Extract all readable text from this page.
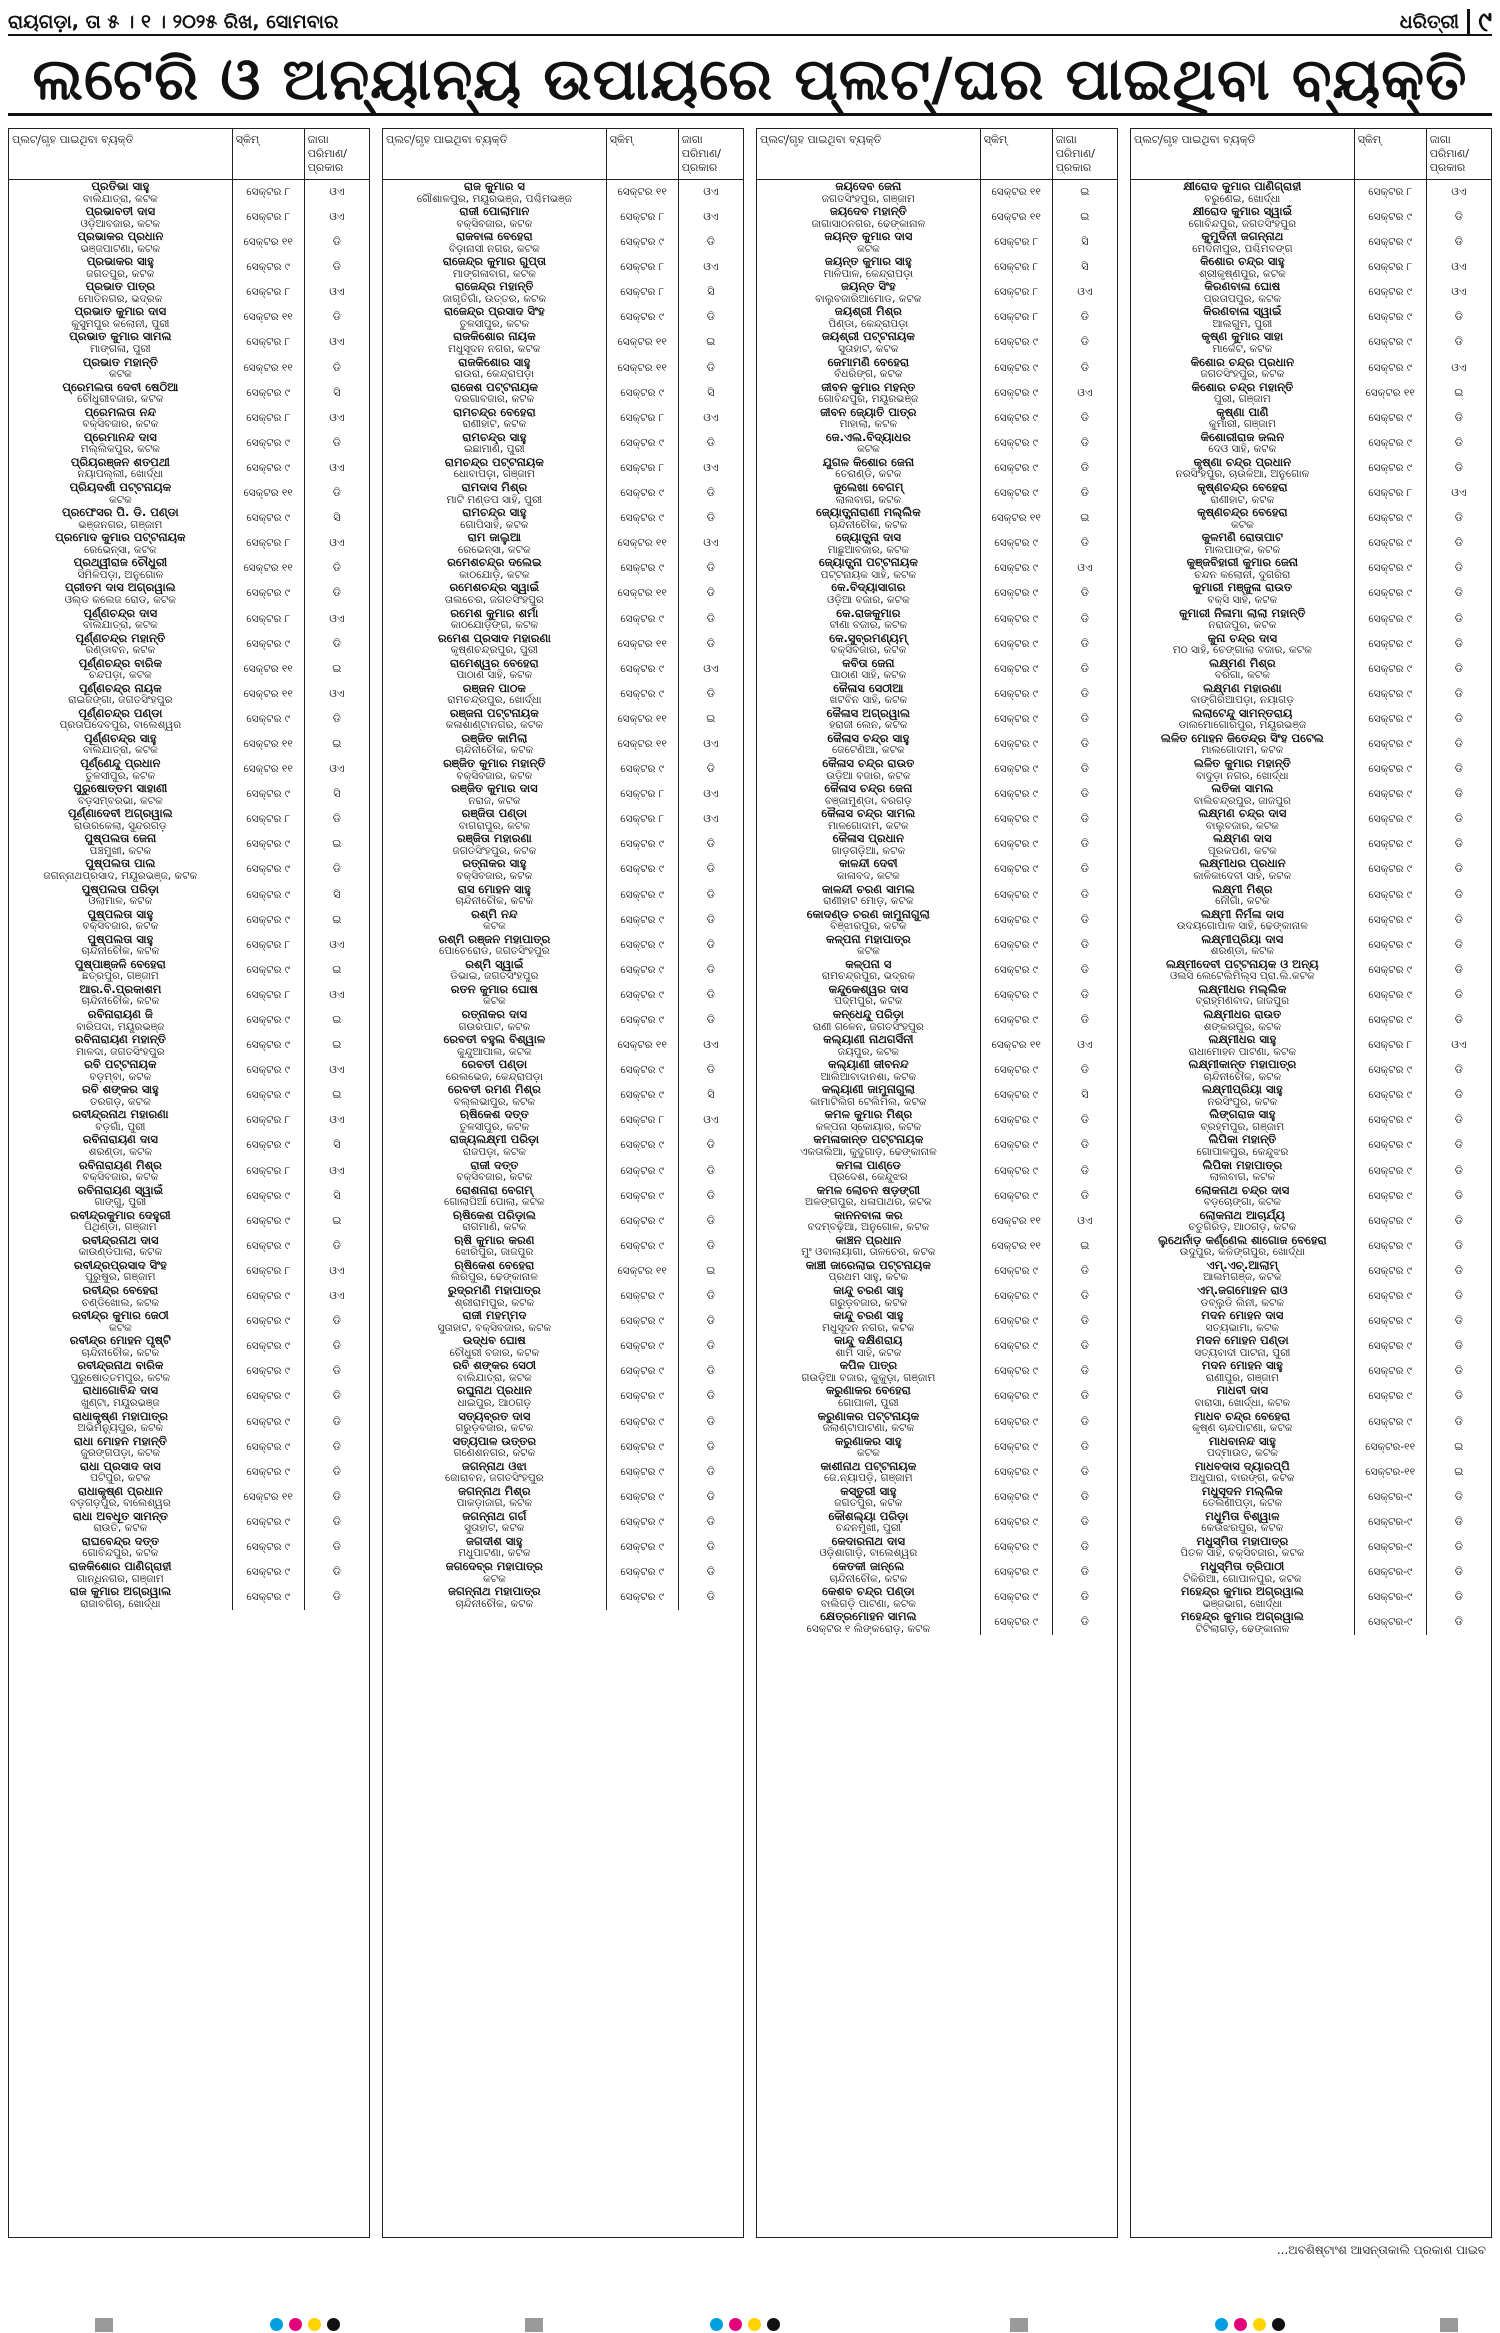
ରାୟଗଡ଼ା, ତା ୫ । ୧ । ୨୦୨୫ ରିଖ, ସୋମବାର	ଧରିତ୍ରୀ ୯
ଲଟେରି ଓ ଅନ୍ୟାନ୍ୟ ଉପାୟରେ ପ୍ଲଟ୍/ଘର ପାଇଥିବା ବ୍ୟକ୍ତି
ପ୍ଲଟ୍/ଗୃହ ପାଇଥିବା ବ୍ୟକ୍ତି	ସ୍କିମ୍	ଜାଗା ପରିମାଣ/ ପ୍ରକାର

ପ୍ରତିଭା ସାହୁ
ବାଲିଯାତ୍ରା, କଟକ	ସେକ୍ଟର ୮	ଓଏ

ପ୍ରଭାବତୀ ଦାସ
ଓଡ଼ିଆବଜାର, କଟକ	ସେକ୍ଟର ୮	ଓଏ

ପ୍ରଭାକର ପ୍ରଧାନ
ଭଞ୍ଜପାଟଣା, କଟକ	ସେକ୍ଟର ୧୧	ଡି

ପ୍ରଭାକର ସାହୁ
ଜଗତପୁର, କଟକ	ସେକ୍ଟର ୯	ଡି

ପ୍ରଭାତ ପାତ୍ର
ମୋତିନଗର, ଭଦ୍ରକ	ସେକ୍ଟର ୮	ଓଏ

ପ୍ରଭାତ କୁମାର ଦାସ
କୁସୁମପୁର କଲୋନୀ, ପୁରୀ	ସେକ୍ଟର ୧୧	ଡି

ପ୍ରଭାତ କୁମାର ସାମଲ
ମାଙ୍ଗଳା, ପୁରୀ	ସେକ୍ଟର ୮	ଓଏ

ପ୍ରଭାତ ମହାନ୍ତି
କଟକ	ସେକ୍ଟର ୧୧	ଡି

ପ୍ରେମଲତା ଦେବୀ ଷେଠିଆ
ଚୌଧୁରୀବଜାର, କଟକ	ସେକ୍ଟର ୯	ସି

ପ୍ରେମଲତା ନନ୍ଦ
ବକ୍ସିବଜାର, କଟକ	ସେକ୍ଟର ୮	ଓଏ

ପ୍ରେମାନନ୍ଦ ଦାସ
ମଲ୍ଲିକପୁର, କଟକ	ସେକ୍ଟର ୯	ଡି

ପ୍ରିୟରଞ୍ଜନ ଶତପଥୀ
ନୟାପଲ୍ଲୀ, ଖୋର୍ଦ୍ଧା	ସେକ୍ଟର ୯	ଓଏ

ପ୍ରିୟଦର୍ଶୀ ପଟ୍ଟନାୟକ
କଟକ	ସେକ୍ଟର ୧୧	ଡି

ପ୍ରଫେସର ପି. ଡି. ପଣ୍ଡା
ଭଞ୍ଜନଗର, ଗଞ୍ଜାମ	ସେକ୍ଟର ୯	ସି

ପ୍ରମୋଦ କୁମାର ପଟ୍ଟନାୟକ
ରେଭେନ୍ସା, କଟକ	ସେକ୍ଟର ୮	ଓଏ

ପ୍ରଥ୍ୱୀରାଜ ଚୌଧୁରୀ
ସିମିଳିପଡ଼ା, ଅନୁଗୋଳ	ସେକ୍ଟର ୧୧	ଡି

ପ୍ରୀତମ ଦାସ ଅଗ୍ରୱାଲ
ଓଲ୍ଡ କଲେଜ ରୋଡ, କଟକ	ସେକ୍ଟର ୯	ଡି

ପୂର୍ଣ୍ଣଚନ୍ଦ୍ର ଦାସ
ବାଲିଯାତ୍ରା, କଟକ	ସେକ୍ଟର ୮	ଓଏ

ପୂର୍ଣ୍ଣଚନ୍ଦ୍ର ମହାନ୍ତି
ରଣ୍ଡାବନ, କଟକ	ସେକ୍ଟର ୯	ଡି

ପୂର୍ଣ୍ଣଚନ୍ଦ୍ର ବାରିକ
ଚନ୍ଦପଡ଼ା, କଟକ	ସେକ୍ଟର ୧୧	ଇ

ପୂର୍ଣ୍ଣଚନ୍ଦ୍ର ନାୟକ
ରାଇଜଙ୍ଗା, ଜଗତସିଂହପୁର	ସେକ୍ଟର ୧୧	ଓଏ

ପୂର୍ଣ୍ଣଚନ୍ଦ୍ର ପଣ୍ଡା
ପ୍ରତାପଦେବପୁର, ବାଲେଶ୍ୱର	ସେକ୍ଟର ୯	ଡି

ପୂର୍ଣ୍ଣଚନ୍ଦ୍ର ସାହୁ
ବାଲିଯାତ୍ରା, କଟକ	ସେକ୍ଟର ୧୧	ଇ

ପୂର୍ଣ୍ଣେନ୍ଦୁ ପ୍ରଧାନ
ତୁଳସୀପୁର, କଟକ	ସେକ୍ଟର ୧୧	ଓଏ

ପୁରୁଷୋତ୍ତମ ସାହାଣୀ
ବଡ଼ସମ୍ବରଭା, କଟକ	ସେକ୍ଟର ୯	ସି

ପୂର୍ଣ୍ଣାଦେବୀ ଅଗ୍ରୱାଲ
ରାଉରକେଲା, ସୁନ୍ଦରଗଡ଼	ସେକ୍ଟର ୮	ଡି

ପୁଷ୍ପଲତା ଜେନା
ପଞ୍ଚମୁଖୀ, କଟକ	ସେକ୍ଟର ୯	ଇ

ପୁଷ୍ପଲତା ପାଲ
ଜଗନ୍ନାଥପ୍ରସାଦ, ମୟୂରଭଞ୍ଜ, କଟକ	ସେକ୍ଟର ୯	ଡି

ପୁଷ୍ପଲତା ପରିଡ଼ା
ଓଲାମାଳ, କଟକ	ସେକ୍ଟର ୯	ସି

ପୁଷ୍ପଲତା ସାହୁ
ବକ୍ସିବଜାର, କଟକ	ସେକ୍ଟର ୯	ଇ

ପୁଷ୍ପଲତା ସାହୁ
ଚାନ୍ଦିନୀଚୌକ, କଟକ	ସେକ୍ଟର ୮	ଓଏ

ପୁଷ୍ପାଞ୍ଜଳି ବେହେରା
ଛତ୍ରପୁର, ଗଞ୍ଜାମ	ସେକ୍ଟର ୯	ଇ

ଆର.ବି.ପ୍ରକାଶମ
ଚାନ୍ଦିନୀଚୌକ, କଟକ	ସେକ୍ଟର ୮	ଓଏ

ରବିନାରାୟଣ ଜି
ବାରିପଦା, ମୟୂରଭଞ୍ଜ	ସେକ୍ଟର ୯	ଇ

ରବିନାରାୟଣ ମହାନ୍ତି
ମାଳଦା, ଜଗତସିଂହପୁର	ସେକ୍ଟର ୯	ଇ

ରବି ପଟ୍ଟନାୟକ
ବଡ଼ମ୍ବା, କଟକ	ସେକ୍ଟର ୯	ଓଏ

ରବି ଶଙ୍କର ସାହୁ
ତରଗଡ଼, କଟକ	ସେକ୍ଟର ୯	ଇ

ରବୀନ୍ଦ୍ରନାଥ ମହାରଣା
ବଡ଼ଗାଁ, ପୁରୀ	ସେକ୍ଟର ୮	ଓଏ

ରବିନାରାୟଣ ଦାସ
ଶରଣ୍ଡା, କଟକ	ସେକ୍ଟର ୯	ସି

ରବିନାରାୟଣ ମିଶ୍ର
ବକ୍ସିବଜାର, କଟକ	ସେକ୍ଟର ୮	ଓଏ

ରବିନାରାୟଣ ସ୍ୱାଇଁ
ଗାଙ୍ଗୁ, ପୁରୀ	ସେକ୍ଟର ୯	ସି

ରବୀନ୍ଦ୍ରକୁମାର ଦେହୁରୀ
ପିଥିଣ୍ଡା, ଗଞ୍ଜାମ	ସେକ୍ଟର ୯	ଇ

ରବୀନ୍ଦ୍ରନାଥ ଦାସ
କାଉଣ୍ଡପାଲା, କଟକ	ସେକ୍ଟର ୯	ଡି

ରବୀନ୍ଦ୍ରପ୍ରସାଦ ସିଂହ
ପୁରୁଷୁର, ଗଞ୍ଜାମ	ସେକ୍ଟର ୮	ଓଏ

ରବୀନ୍ଦ୍ର ବେହେରା
ଚଣ୍ଡିଖୋଲ, କଟକ	ସେକ୍ଟର ୯	ଓଏ

ରବୀନ୍ଦ୍ର କୁମାର ଜେଠୀ
କଟକ	ସେକ୍ଟର ୯	ଡି

ରବୀନ୍ଦ୍ର ମୋହନ ପୃଷ୍ଟି
ଚାନ୍ଦିନୀଚୌକ, କଟକ	ସେକ୍ଟର ୯	ଡି

ରବୀନ୍ଦ୍ରନାଥ ବାରିକ
ପୁରୁଷୋତ୍ତମପୁର, କଟକ	ସେକ୍ଟର ୯	ଡି

ରାଧାଗୋବିନ୍ଦ ଦାସ
ଖୁଣ୍ଟା, ମୟୂରଭଞ୍ଜ	ସେକ୍ଟର ୯	ଡି

ରାଧାକୃଷ୍ଣ ମହାପାତ୍ର
ଅଭିମନ୍ୟୁପୁର, କଟକ	ସେକ୍ଟର ୯	ଡି

ରାଧା ମୋହନ ମହାନ୍ତି
ଜୁରଙ୍ଗପଡ଼ା, କଟକ	ସେକ୍ଟର ୯	ଡି

ରାଧା ପ୍ରସାଦ ଦାସ
ପଟିପୁର, କଟକ	ସେକ୍ଟର ୯	ଡି

ରାଧାକୃଷ୍ଣ ପ୍ରଧାନ
ବଡ଼ଗଡ଼ପୁର, ବାଲେଶ୍ୱର	ସେକ୍ଟର ୧୧	ଡି

ରାଧା ଅବଧୂତ ସାମନ୍ତ
ରାଉତି, କଟକ	ସେକ୍ଟର ୯	ଡି

ରାଘବେନ୍ଦ୍ର ଦତ୍ତ
ଗୋବିନ୍ଦପୁର, କଟକ	ସେକ୍ଟର ୯	ଡି

ରାଜକିଶୋର ପାଣିଗ୍ରାହୀ
ଗାନ୍ଧିନଗର, ଗଞ୍ଜାମ	ସେକ୍ଟର ୯	ଡି

ରାଜ କୁମାର ଅଗ୍ରୱାଲ
ରାଜାବଗିଚା, ଖୋର୍ଦ୍ଧା	ସେକ୍ଟର ୯	ଡି
ପ୍ଲଟ୍/ଗୃହ ପାଇଥିବା ବ୍ୟକ୍ତି	ସ୍କିମ୍	ଜାଗା ପରିମାଣ/ ପ୍ରକାର

ରାଜ କୁମାର ସ
ଗୌଶାଳପୁର, ମୟୂରଭଞ୍ଜ, ପଶ୍ଚିମଭଞ୍ଜ	ସେକ୍ଟର ୧୧	ଓଏ

ରାଜୀ ପୋଲାମାନ
ବକ୍ସିବଜାର, କଟକ	ସେକ୍ଟର ୮	ଓଏ

ରାଜବାଳା ବେହେରା
ବିଡ଼ାନାସୀ ନଗର, କଟକ	ସେକ୍ଟର ୯	ଡି

ରାଜେନ୍ଦ୍ର କୁମାର ଗୁପ୍ତା
ମାଙ୍ଗଳାବାଗ, କଟକ	ସେକ୍ଟର ୮	ଓଏ

ରାଜେନ୍ଦ୍ର ମହାନ୍ତି
ଜାଗୃତିଗାଁ, ଉତ୍ତର, କଟକ	ସେକ୍ଟର ୮	ସି

ରାଜେନ୍ଦ୍ର ପ୍ରସାଦ ସିଂହ
ତୁଳସୀପୁର, କଟକ	ସେକ୍ଟର ୯	ଡି

ରାଜକିଶୋର ନାୟକ
ମଧୁସୂଦନ ନଗର, କଟକ	ସେକ୍ଟର ୧୧	ଇ

ରାଜକିଶୋର ସାହୁ
ରାଉରା, କେନ୍ଦ୍ରାପଡ଼ା	ସେକ୍ଟର ୧୧	ଡି

ରାଜେଶ ପଟ୍ଟନାୟକ
ଦରଗାବଜାର, କଟକ	ସେକ୍ଟର ୯	ସି

ରାମଚନ୍ଦ୍ର ବେହେରା
ରାଣୀହାଟ, କଟକ	ସେକ୍ଟର ୮	ଓଏ

ରାମଚନ୍ଦ୍ର ସାହୁ
ଇଛାମାଣି, ପୁରୀ	ସେକ୍ଟର ୯	ଡି

ରାମଚନ୍ଦ୍ର ପଟ୍ଟନାୟକ
ଧୋବାପଡ଼ା, ଗଞ୍ଜାମ	ସେକ୍ଟର ୮	ଓଏ

ରାମଦାସ ମିଶ୍ର
ମାଟି ମଣ୍ଡପ ସାହି, ପୁରୀ	ସେକ୍ଟର ୯	ଡି

ରାମଚନ୍ଦ୍ର ସାହୁ
ଗୋପିସାହି, କଟକ	ସେକ୍ଟର ୯	ଡି

ରାମ ଜାଲୁଆ
ରେଭେନ୍ସା, କଟକ	ସେକ୍ଟର ୧୧	ଓଏ

ରମେଶଚନ୍ଦ୍ର ଦଲେଇ
କାଠଯୋଡ଼ି, କଟକ	ସେକ୍ଟର ୯	ଡି

ରମେଶଚନ୍ଦ୍ର ସ୍ୱାଇଁ
ତାଲଚେର, ଜଗତସିଂହପୁର	ସେକ୍ଟର ୧୧	ଡି

ରମେଶ କୁମାର ଶର୍ମା
କାଠଯୋଡ଼ିଙ୍ଗ, କଟକ	ସେକ୍ଟର ୯	ଡି

ରମେଶ ପ୍ରସାଦ ମହାରଣା
କୃଷ୍ଣଚନ୍ଦ୍ରପୁର, ପୁରୀ	ସେକ୍ଟର ୧୧	ଡି

ରାମେଶ୍ୱର ବେହେରା
ପାଠାଣ ସାହି, କଟକ	ସେକ୍ଟର ୯	ଓଏ

ରଞ୍ଜନ ପାଠକ
ରାମଚନ୍ଦ୍ରପୁର, ଖୋର୍ଦ୍ଧା	ସେକ୍ଟର ୯	ଡି

ରଞ୍ଜନା ପଟ୍ଟନାୟକ
କଳାଶାଣ୍ଟାନଗର, କଟକ	ସେକ୍ଟର ୧୧	ଇ

ରଞ୍ଜିତ କାମିଲା
ଚାନ୍ଦିନୀଚୌକ, କଟକ	ସେକ୍ଟର ୧୧	ଓଏ

ରଞ୍ଜିତ କୁମାର ମହାନ୍ତି
ବକ୍ସିବଜାର, କଟକ	ସେକ୍ଟର ୯	ଡି

ରଞ୍ଜିତ କୁମାର ଦାସ
ନରାଜ, କଟକ	ସେକ୍ଟର ୮	ଓଏ

ରଞ୍ଜିତା ପଣ୍ଡା
ବାଗରାପୁର, କଟକ	ସେକ୍ଟର ୮	ଓଏ

ରଞ୍ଜିତା ମହାରଣା
ଜଗତସିଂହପୁର, କଟକ	ସେକ୍ଟର ୯	ଡି

ରତ୍ନାକର ସାହୁ
ବକ୍ସିବଜାର, କଟକ	ସେକ୍ଟର ୯	ଡି

ରାସ ମୋହନ ସାହୁ
ଚାନ୍ଦିନୀଚୌକ, କଟକ	ସେକ୍ଟର ୯	ଡି

ରଶ୍ମି ନନ୍ଦ
କଟକ	ସେକ୍ଟର ୯	ଡି

ରଶ୍ମି ରଞ୍ଜନ ମହାପାତ୍ର
ପୋଚେରୋଡ, ଜଗତସିଂହପୁର	ସେକ୍ଟର ୯	ଡି

ରଶ୍ମି ସ୍ୱାଇଁ
ଡିଭାଇ, ଜଗତସିଂହପୁର	ସେକ୍ଟର ୯	ଡି

ରତନ କୁମାର ଘୋଷ
କଟକ	ସେକ୍ଟର ୯	ଡି

ରତ୍ନାକର ଦାସ
ଗଉରପାଟ, କଟକ	ସେକ୍ଟର ୯	ଡି

ରେବତୀ ବହୁଲ ବିଶ୍ୱାଳ
କୁନ୍ଦୁଆପାଲ, କଟକ	ସେକ୍ଟର ୧୧	ଓଏ

ରେବତୀ ପଣ୍ଡା
ରେଲଭେଜ, କେନ୍ଦ୍ରାପଡ଼ା	ସେକ୍ଟର ୯	ଡି

ରେବତୀ ରମଣ ମିଶ୍ର
ବଲ୍ଲଭାପୁର, କଟକ	ସେକ୍ଟର ୯	ସି

ଋଷିକେଶ ଦତ୍ତ
ତୁଳସୀପୁର, କଟକ	ସେକ୍ଟର ୮	ଓଏ

ରାଜ୍ୟଲକ୍ଷ୍ମୀ ପରିଡ଼ା
ରାଜପଡ଼ା, କଟକ	ସେକ୍ଟର ୯	ଡି

ରାଜୀ ଦତ୍ତ
ବକ୍ସିବଜାର, କଟକ	ସେକ୍ଟର ୯	ଡି

ରୋଶନାରା ବେଗମ୍
ଗୋଲାପିଆଁ ପୋଲା, କଟକ	ସେକ୍ଟର ୯	ଡି

ଋଷିକେଶ ପରିଡ଼ାଲ
ରାଗମାଣି, କଟକ	ସେକ୍ଟର ୯	ଡି

ଋଷି କୁମାର କରଣ
ଝୋରିପୁର, ଜାଜପୁର	ସେକ୍ଟର ୯	ଡି

ଋଷିକେଶ ବେହେରା
ଲିରିପୁର, ଢେଙ୍କାନାଳ	ସେକ୍ଟର ୧୧	ଇ

ରୁଦ୍ରମଣି ମହାପାତ୍ର
ଶ୍ରୀରାମପୁର, କଟକ	ସେକ୍ଟର ୯	ଡି

ରାଜୀ ମହମ୍ମଦ
ସୁତାହାଟ, ବକ୍ସିବଜାର, କଟକ	ସେକ୍ଟର ୯	ଡି

ଉଦ୍ଧବ ଘୋଷ
ଚୌଧୁରୀ ବଜାର, କଟକ	ସେକ୍ଟର ୯	ଡି

ରବି ଶଙ୍କର ସେଠୀ
ବାଲିଯାତ୍ରା, କଟକ	ସେକ୍ଟର ୯	ଡି

ରଘୁନାଥ ପ୍ରଧାନ
ଧାଇପୁର, ଆଠଗଡ଼	ସେକ୍ଟର ୯	ଡି

ସତ୍ୟବ୍ରତ ଦାସ
ଗରୁଡ଼ବଜାର, କଟକ	ସେକ୍ଟର ୯	ଡି

ସତ୍ୟପାଳ ଉତ୍ତର
ଗଣେଶନଗର, କଟକ	ସେକ୍ଟର ୯	ଡି

ଜଗନ୍ନାଥ ଓଝା
ଜୋରାବନ, ଜଗତସିଂହପୁର	ସେକ୍ଟର ୯	ଡି

ଜଗନ୍ନାଥ ମିଶ୍ର
ପାକଡ଼ାଜାଗ, କଟକ	ସେକ୍ଟର ୯	ଡି

ଜଗନ୍ନାଥ ଗର୍ଗ
ସୁତାହାଟ, କଟକ	ସେକ୍ଟର ୯	ଡି

ଜଗଦୀଶ ସାହୁ
ମଧୁପାଟଣା, କଟକ	ସେକ୍ଟର ୯	ଡି

ଜଗଦେବ୍ର ମହାପାତ୍ର
କଟକ	ସେକ୍ଟର ୯	ଡି

ଜଗନ୍ନାଥ ମହାପାତ୍ର
ଚାନ୍ଦିନୀଚୌକ, କଟକ	ସେକ୍ଟର ୯	ଡି
ପ୍ଲଟ୍/ଗୃହ ପାଇଥିବା ବ୍ୟକ୍ତି	ସ୍କିମ୍	ଜାଗା ପରିମାଣ/ ପ୍ରକାର

ଜୟଦେବ ଜେନା
ଜଗତସିଂହପୁର, ଗଞ୍ଜାମ	ସେକ୍ଟର ୧୧	ଇ

ଜୟଦେବ ମହାନ୍ତି
ଜାଗାସାଠନଗର, ଢେଙ୍କାନାଳ	ସେକ୍ଟର ୧୧	ଇ

ଜୟନ୍ତ କୁମାର ଦାସ
କଟକ	ସେକ୍ଟର ୮	ସି

ଜୟନ୍ତ କୁମାର ସାହୁ
ମାଳିପାଳ, କେନ୍ଦ୍ରାପଡ଼ା	ସେକ୍ଟର ୮	ସି

ଜୟନ୍ତ ସିଂହ
ବାଲୁବଜାରିଆମୋଡ, କଟକ	ସେକ୍ଟର ୮	ଓଏ

ଜୟଶ୍ରୀ ମିଶ୍ର
ପିଣ୍ଡା, କେନ୍ଦ୍ରାପଡ଼ା	ସେକ୍ଟର ୮	ଡି

ଜୟଶ୍ରୀ ପଟ୍ଟନାୟକ
ସୁତାହାଟ, କଟକ	ସେକ୍ଟର ୯	ଡି

ଜେମାମଣି ବେହେରା
ବଁଧରିଙ୍ଗ, କଟକ	ସେକ୍ଟର ୯	ଡି

ଜୀବନ କୁମାର ମହନ୍ତ
ଗୋବିନ୍ଦପୁର, ମୟୂରଭଞ୍ଜ	ସେକ୍ଟର ୯	ଓଏ

ଜୀବନ ଜ୍ୟୋତି ପାତ୍ର
ମାହାଲା, କଟକ	ସେକ୍ଟର ୯	ଡି

ଜେ.ଏଲ.ବିଦ୍ୟାଧର
କଟକ	ସେକ୍ଟର ୯	ଡି

ଯୁଗଳ କିଶୋର ଜେନା
ତେରାଣ୍ଡି, କଟକ	ସେକ୍ଟର ୯	ଡି

ଜୁଲେଖା ବେଗମ୍
ଲାଲବାଗ, କଟକ	ସେକ୍ଟର ୯	ଡି

ଜ୍ୟୋତ୍ସ୍ନାରାଣୀ ମଲ୍ଲିକ
ଚାନ୍ଦିନୀଚୌକ, କଟକ	ସେକ୍ଟର ୧୧	ଇ

ଜ୍ୟୋତ୍ସ୍ନା ଦାସ
ମାଛୁଆବଜାର, କଟକ	ସେକ୍ଟର ୯	ଡି

ଜ୍ୟୋତ୍ସ୍ନା ପଟ୍ଟନାୟକ
ପଟ୍ଟନାୟକ ସାହି, କଟକ	ସେକ୍ଟର ୯	ଓଏ

କେ.ବିଦ୍ୟାସାଗର
ଓଡ଼ିଆ ବଜାର, କଟକ	ସେକ୍ଟର ୯	ଡି

କେ.ରାଜକୁମାର
ବୀଣା ବଜାର, କଟକ	ସେକ୍ଟର ୯	ଡି

କେ.ସୁବ୍ରମଣ୍ୟମ୍
ବକ୍ସିବଜାର, କଟକ	ସେକ୍ଟର ୯	ଡି

କବିତା ଜେନା
ପାଠାଣ ସାହି, କଟକ	ସେକ୍ଟର ୯	ଡି

କୈଳାସ ସେଠୀଆ
ଖଟବିନ ସାହି, କଟକ	ସେକ୍ଟର ୯	ଡି

କୈଳାସ ଅଗ୍ରୱାଲ
ହରାଜୀ ଲେନ, କଟକ	ସେକ୍ଟର ୯	ଡି

କୈଳାସ ଚନ୍ଦ୍ର ସାହୁ
ଜେଟେଣିଆ, କଟକ	ସେକ୍ଟର ୯	ଡି

କୈଳାସ ଚନ୍ଦ୍ର ରାଉତ
ଉଡ଼ିଆ ବଜାର, କଟକ	ସେକ୍ଟର ୯	ଡି

କୈଳାସ ଚନ୍ଦ୍ର ଜେନା
ବଞ୍ଜାମୁଣ୍ଡା, ବରଗଡ଼	ସେକ୍ଟର ୯	ଡି

କୈଳାସ ଚନ୍ଦ୍ର ସାମଲ
ମାଳଗୋଦାମ, କଟକ	ସେକ୍ଟର ୯	ଡି

କୈଳାସ ପ୍ରଧାନ
ଗାଡ଼ଗଡ଼ିଆ, କଟକ	ସେକ୍ଟର ୯	ଡି

କାଳନ୍ଦୀ ଦେବୀ
କାଳାବଦ, କଟକ	ସେକ୍ଟର ୯	ଡି

କାଳନ୍ଦୀ ଚରଣ ସାମଲ
ରାଣୀହାଟ ମୋଡ଼, କଟକ	ସେକ୍ଟର ୯	ଡି

କୋଦଣ୍ଡ ଚରଣ ଜାମୁନାଗୁଲା
ବିଞ୍ଝାରପୁର, କଟକ	ସେକ୍ଟର ୯	ଡି

କଳ୍ପନା ମହାପାତ୍ର
କଟକ	ସେକ୍ଟର ୯	ଡି

କଳ୍ପନା ସ
ରାମଚନ୍ଦ୍ରପୁର, ଭଦ୍ରକ	ସେକ୍ଟର ୯	ଡି

କନ୍ଦୁକେଶ୍ୱର ଦାସ
ପଦ୍ମପୁର, କଟକ	ସେକ୍ଟର ୯	ଡି

କନ୍ଧେନ୍ଦୁ ପରିଡ଼ା
ରାଣୀ ଗଳେନ, ଜଗତସିଂହପୁର	ସେକ୍ଟର ୯	ଡି

କଲ୍ୟାଣୀ ନାଥଗର୍ସିନୀ
ଜୟପୁର, କଟକ	ସେକ୍ଟର ୧୧	ଓଏ

କଲ୍ୟାଣୀ ଜୀବନନ୍ଦ
ଆଲିଆବାଦାନଶା, କଟକ	ସେକ୍ଟର ୯	ଡି

କଲ୍ୟାଣୀ ଜାମୁନାଗୁଲା
କାମାଟିଲିଗ ଟେଲିମିଲ, କଟକ	ସେକ୍ଟର ୯	ସି

କମଳ କୁମାର ମିଶ୍ର
କଳ୍ପନା ସ୍କୋୟାର, କଟକ	ସେକ୍ଟର ୯	ଡି

କମଳାକାନ୍ତ ପଟ୍ଟନାୟକ
ଏକତାଲିଆ, କୁଦୁଗାଡ଼, ଢେଙ୍କାନାଳ	ସେକ୍ଟର ୯	ଡି

କମଳା ପାଣ୍ଡେ
ପ୍ରଦେଶ, କେନ୍ଦୁଝର	ସେକ୍ଟର ୯	ଡି

କମଳ ଲୋଚନ ଷଡ଼ଙ୍ଗୀ
ଅଳଙ୍ଗପୁର, ଧଳାପାଥର, କଟକ	ସେକ୍ଟର ୯	ଡି

କାନନବାଳା କର
ବଦମ୍ବଢ଼ିଆ, ଅନୁଗୋଳ, କଟକ	ସେକ୍ଟର ୧୧	ଓଏ

କାଞ୍ଚନ ପ୍ରଧାନ
ମୁଂ ଓବାଲାୟାଗା, ତାଳଚେର, କଟକ	ସେକ୍ଟର ୧୧	ଇ

କାଞ୍ଚୀ ଜାରେଲାଇ ପଟ୍ଟନାୟକ
ପ୍ରଥମ ସାହୁ, କଟକ	ସେକ୍ଟର ୯	ଡି

କାନ୍ଦୁ ଚରଣ ସାହୁ
ଗରୁଡ଼ବଜାର, କଟକ	ସେକ୍ଟର ୯	ଡି

କାନ୍ଦୁ ଚରଣ ସାହୁ
ମଧୁସୂଦନ ନଗର, କଟକ	ସେକ୍ଟର ୯	ଡି

କାନ୍ଦୁ ଦକ୍ଷିଣରାୟ
ଶାମିଁ ସାହି, କଟକ	ସେକ୍ଟର ୯	ଡି

କପିଳ ପାତ୍ର
ଗଉଡ଼ିଆ ବଜାର, କୁକୁଡ଼ା, ଗଞ୍ଜାମ	ସେକ୍ଟର ୯	ଡି

କରୁଣାକର ବେହେରା
ଗୋପାଳୀ, ପୁରୀ	ସେକ୍ଟର ୯	ଡି

କରୁଣାକର ପଟ୍ଟନାୟକ
ଜଲାଣ୍ଟାପାଟଣା, କଟକ	ସେକ୍ଟର ୯	ଡି

କରୁଣାକର ସାହୁ
କଟକ	ସେକ୍ଟର ୯	ଡି

କାଶୀନାଥ ପଟ୍ଟନାୟକ
ଜେ.ନ୍ୟାପଡ଼ି, ଗଞ୍ଜାମ	ସେକ୍ଟର ୯	ଡି

କସ୍ତୁରୀ ସାହୁ
ଜଗତପୁର, କଟକ	ସେକ୍ଟର ୯	ଡି

କୌଶଲ୍ୟା ପରିଡ଼ା
ଚନ୍ଦନମୁଖୀ, ପୁରୀ	ସେକ୍ଟର ୯	ଡି

କେଦାରନାଥ ଦାସ
ଓଡ଼ିଶାଗାଡ଼ି, ବାଲେଶ୍ୱର	ସେକ୍ଟର ୯	ଡି

କେତକୀ ଜାନ୍ଲେ
ଚାନ୍ଦିନୀଚୌକ, କଟକ	ସେକ୍ଟର ୯	ଡି

କେଶବ ଚନ୍ଦ୍ର ପଣ୍ଡା
ବାଲିଗଡ଼ି ପାଟଣା, କଟକ	ସେକ୍ଟର ୯	ଡି

କ୍ଷେତ୍ରମୋହନ ସାମଲ
ସେକ୍ଟର ୧ ଲିଙ୍କରୋଡ଼, କଟକ	ସେକ୍ଟର ୯	ଡି
ପ୍ଲଟ୍/ଗୃହ ପାଇଥିବା ବ୍ୟକ୍ତି	ସ୍କିମ୍	ଜାଗା ପରିମାଣ/ ପ୍ରକାର

କ୍ଷୀରୋଦ କୁମାର ପାଣିଗ୍ରାହୀ
ବରୁଣେଇ, ଖୋର୍ଦ୍ଧା	ସେକ୍ଟର ୮	ଓଏ

କ୍ଷୀରୋଦ କୁମାର ସ୍ୱାଇଁ
ଗୋବିନ୍ଦପୁର, ଜଗତସିଂହପୁର	ସେକ୍ଟର ୯	ଡି

କୁମୁଦିନୀ ଜଗନ୍ନାଥ
ମେଦିନୀପୁର, ପଶ୍ଚିମବଙ୍ଗ	ସେକ୍ଟର ୯	ଡି

କିଶୋର ଚନ୍ଦ୍ର ସାହୁ
ଶ୍ରୀକୃଷ୍ଣପୁର, କଟକ	ସେକ୍ଟର ୮	ଓଏ

କିରଣବାଳା ଘୋଷ
ପ୍ରତାପପୁର, କଟକ	ସେକ୍ଟର ୯	ଓଏ

କିରଣବାଳା ସ୍ୱାଇଁ
ଆଲଗୁମ, ପୁରୀ	ସେକ୍ଟର ୯	ଡି

କୃଷ୍ଣ କୁମାର ସାହା
ମାର୍କେଟ, କଟକ	ସେକ୍ଟର ୯	ଡି

କିଶୋର ଚନ୍ଦ୍ର ପ୍ରଧାନ
ଜଗତସିଂହପୁର, କଟକ	ସେକ୍ଟର ୯	ଓଏ

କିଶୋର ଚନ୍ଦ୍ର ମହାନ୍ତି
ପୁରୀ, ଗଞ୍ଜାମ	ସେକ୍ଟର ୧୧	ଇ

କୃଷ୍ଣା ପାଣି
କୁମାରୀ, ଗଞ୍ଜାମ	ସେକ୍ଟର ୯	ଡି

କିଶୋରୀରାଜ ଜଲନ
ଦେଓ ସାହି, କଟକ	ସେକ୍ଟର ୯	ଡି

କୃଷ୍ଣା ଚନ୍ଦ୍ର ପ୍ରଧାନ
ନରସିଂହପୁର, ଚାଉଳିଆ, ଅନୁଗୋଳ	ସେକ୍ଟର ୯	ଡି

କୃଷ୍ଣଚନ୍ଦ୍ର ବେହେରା
ରାଣୀହାଟ, କଟକ	ସେକ୍ଟର ୮	ଓଏ

କୃଷ୍ଣଚନ୍ଦ୍ର ବେହେରା
କଟକ	ସେକ୍ଟର ୯	ଡି

କୁଳମଣି ରୋତାପାଟ
ମାଲପାଙ୍କ, କଟକ	ସେକ୍ଟର ୯	ଡି

କୁଞ୍ଜବିହାରୀ କୁମାର ଜେନା
ଚନ୍ଦନ କଲୋନୀ, ଦୁଗରିରା	ସେକ୍ଟର ୯	ଡି

କୁମାରୀ ମଞ୍ଜୁଳା ରାଉତ
ବକ୍ସି ସାହି, କଟକ	ସେକ୍ଟର ୯	ଡି

କୁମାରୀ ନିଳାମା ଲାଲା ମହାନ୍ତି
ନରାଜପୁର, କଟକ	ସେକ୍ଟର ୯	ଡି

କୁନା ଚନ୍ଦ୍ର ଦାସ
ମଠ ସାହି, ଚେଙ୍ଗାଲା ବଜାର, କଟକ	ସେକ୍ଟର ୯	ଡି

ଲକ୍ଷ୍ମଣ ମିଶ୍ର
ବରିଗା, କଟକ	ସେକ୍ଟର ୯	ଡି

ଲକ୍ଷ୍ମଣ ମହାରଣା
ବାଙ୍ଗିରିଆପଡ଼ା, ନୟାଗଡ଼	ସେକ୍ଟର ୯	ଡି

ଲଲାଟେନ୍ଦୁ ସାମନ୍ତରାୟ
ଡାଲମୋଗୋରପୁର, ମୟୂରଭଞ୍ଜ	ସେକ୍ଟର ୯	ଡି

ଲଳିତ ମୋହନ ଜିତେନ୍ଦ୍ର ସିଂହ ପଟେଲ
ମାଲଗୋଦାମ, କଟକ	ସେକ୍ଟର ୯	ଡି

ଲଳିତ କୁମାର ମହାନ୍ତି
ବାଦୁଡ଼ା ନଗର, ଖୋର୍ଦ୍ଧା	ସେକ୍ଟର ୯	ଡି

ଲତିକା ସାମଲ
ବାଲିଚନ୍ଦ୍ରପୁର, ଜାଜପୁର	ସେକ୍ଟର ୯	ଡି

ଲକ୍ଷ୍ମଣ ଚନ୍ଦ୍ର ଦାସ
ବାଲୁବଜାର, କଟକ	ସେକ୍ଟର ୯	ଡି

ଲକ୍ଷ୍ମଣ ଦାସ
ପୂରକପଣ, କଟକ	ସେକ୍ଟର ୯	ଡି

ଲକ୍ଷ୍ମୀଧର ପ୍ରଧାନ
କାଳିକାଦେବୀ ସାହି, କଟକ	ସେକ୍ଟର ୯	ଡି

ଲକ୍ଷ୍ମୀ ମିଶ୍ର
ନୌଗାଁ, କଟକ	ସେକ୍ଟର ୯	ଡି

ଲକ୍ଷ୍ମୀ ନିର୍ମଳା ଦାସ
ଉଦୟଗୋପାଳ ସାହି, ଢେଙ୍କାନାଳ	ସେକ୍ଟର ୯	ଡି

ଲକ୍ଷ୍ମୀପ୍ରିୟା ଦାସ
ଶରଣ୍ଡା, କଟକ	ସେକ୍ଟର ୯	ଡି

ଲକ୍ଷ୍ମୀଦେବୀ ପଟ୍ଟନାୟକ ଓ ଅନ୍ୟ
ଓଲସି ଲେଟେଲିମିଲ୍ସ ପ୍ରା.ଲି.କଟକ	ସେକ୍ଟର ୯	ଡି

ଲକ୍ଷ୍ମୀଧର ମଲ୍ଲିକ
ବ୍ରାହ୍ମଣବାଦ, ଜାଜପୁର	ସେକ୍ଟର ୯	ଡି

ଲକ୍ଷ୍ମୀଧର ରାଉତ
ଶଙ୍କରପୁର, କଟକ	ସେକ୍ଟର ୯	ଡି

ଲକ୍ଷ୍ମୀଧର ସାହୁ
ରାଧାମୋହନ ପାଟଣା, କଟକ	ସେକ୍ଟର ୮	ଓଏ

ଲକ୍ଷ୍ମୀକାନ୍ତ ମହାପାତ୍ର
ଚାନ୍ଦିନୀଚୌକ, କଟକ	ସେକ୍ଟର ୯	ଡି

ଲକ୍ଷ୍ମୀପ୍ରିୟା ସାହୁ
ନରସିଂପୁର, କଟକ	ସେକ୍ଟର ୯	ଡି

ଲିଙ୍ଗରାଜ ସାହୁ
ବ୍ରହ୍ମପୁର, ଗଞ୍ଜାମ	ସେକ୍ଟର ୯	ଡି

ଲିପିକା ମହାନ୍ତି
ଗୋପାଳପୁର, କେନ୍ଦୁଝର	ସେକ୍ଟର ୯	ଡି

ଲିପିକା ମହାପାତ୍ର
ଲାଲବାଗ, କଟକ	ସେକ୍ଟର ୯	ଡି

ଲୋକନାଥ ଚନ୍ଦ୍ର ଦାସ
ବଡ଼ଚୋଙ୍ଗା, କଟକ	ସେକ୍ଟର ୯	ଡି

ଲୋକନାଥ ଆଚାର୍ଯ୍ୟ
ଚତୁଗିରିଡ଼, ଆଠଗଡ଼, କଟକ	ସେକ୍ଟର ୯	ଡି

ଲୁଥେର୍ନାଡ଼ କର୍ଣ୍ଣେଲ ଶାଗୋଜ ବେହେରା
ଉଦୁପୁର, କଳିଙ୍ଗପୁର, ଖୋର୍ଦ୍ଧା	ସେକ୍ଟର ୯	ଡି

ଏମ୍.ଏଚ୍.ଆଲାମ୍
ଆଲମଗଞ୍ଜ, କଟକ	ସେକ୍ଟର ୯	ଡି

ଏମ୍.ଜଗମୋହନ ରାଓ
ଡବ୍ଲୁଡି ଲିନୀ, କଟକ	ସେକ୍ଟର ୯	ଡି

ମଦନ ମୋହନ ଦାସ
ସତ୍ୟଭାମା, କଟକ	ସେକ୍ଟର ୯	ଡି

ମଦନ ମୋହନ ପଣ୍ଡା
ସତ୍ୟବାଦୀ ପାଟନା, ପୁରୀ	ସେକ୍ଟର ୯	ଡି

ମଦନ ମୋହନ ସାହୁ
ରାଣୀପୁର, ଗଞ୍ଜାମ	ସେକ୍ଟର ୯	ଡି

ମାଧବୀ ଦାସ
ବାରାସା, ଖୋର୍ଦ୍ଧା, କଟକ	ସେକ୍ଟର ୯	ଡି

ମାଧବ ଚନ୍ଦ୍ର ବେହେରା
କୃଷ୍ଣ ଚାନ୍ଦପାଟଣା, କଟକ	ସେକ୍ଟର ୯	ଡି

ମାଧବାନନ୍ଦ ସାହୁ
ପଦ୍ମାଉତ, କଟକ	ସେକ୍ଟର-୧୧	ଇ

ମାଧବଦାସ ଦ୍ୟାରପ୍ପି
ଅଧୁପାରା, ବାରଙ୍ଗ, କଟକ	ସେକ୍ଟର-୧୧	ଇ

ମଧୁସୂଦନ ମଲ୍ଲିକ
ତେଲିଣୀପଡ଼ା, କଟକ	ସେକ୍ଟର-୯	ଡି

ମଧୁମିତା ବିଶ୍ୱାଳ
କେଉଁଝରପୁର, କଟକ	ସେକ୍ଟର-୯	ଡି

ମଧୁସ୍ମିତା ମହାପାତ୍ର
ପିତଳ ସାହି, ବକ୍ସିବଜାର, କଟକ	ସେକ୍ଟର-୯	ଡି

ମଧୁସ୍ମିତା ତ୍ରିପାଠୀ
ଟିକିରିଆ, ଗୋପାଳପୁର, କଟକ	ସେକ୍ଟର-୯	ଡି

ମହେନ୍ଦ୍ର କୁମାର ଅଗ୍ରୱାଲ
ଭଞ୍ଜଭାଗ, ଖୋର୍ଦ୍ଧା	ସେକ୍ଟର-୯	ଡି

ମହେନ୍ଦ୍ର କୁମାର ଅଗ୍ରୱାଲ
ଟିଟିଲାଗଡ଼, ଢେଙ୍କାନାଳ	ସେକ୍ଟର-୯	ଡି
...ଅବଶିଷ୍ଟାଂଶ ଆସନ୍ତାକାଲି ପ୍ରକାଶ ପାଇବ
